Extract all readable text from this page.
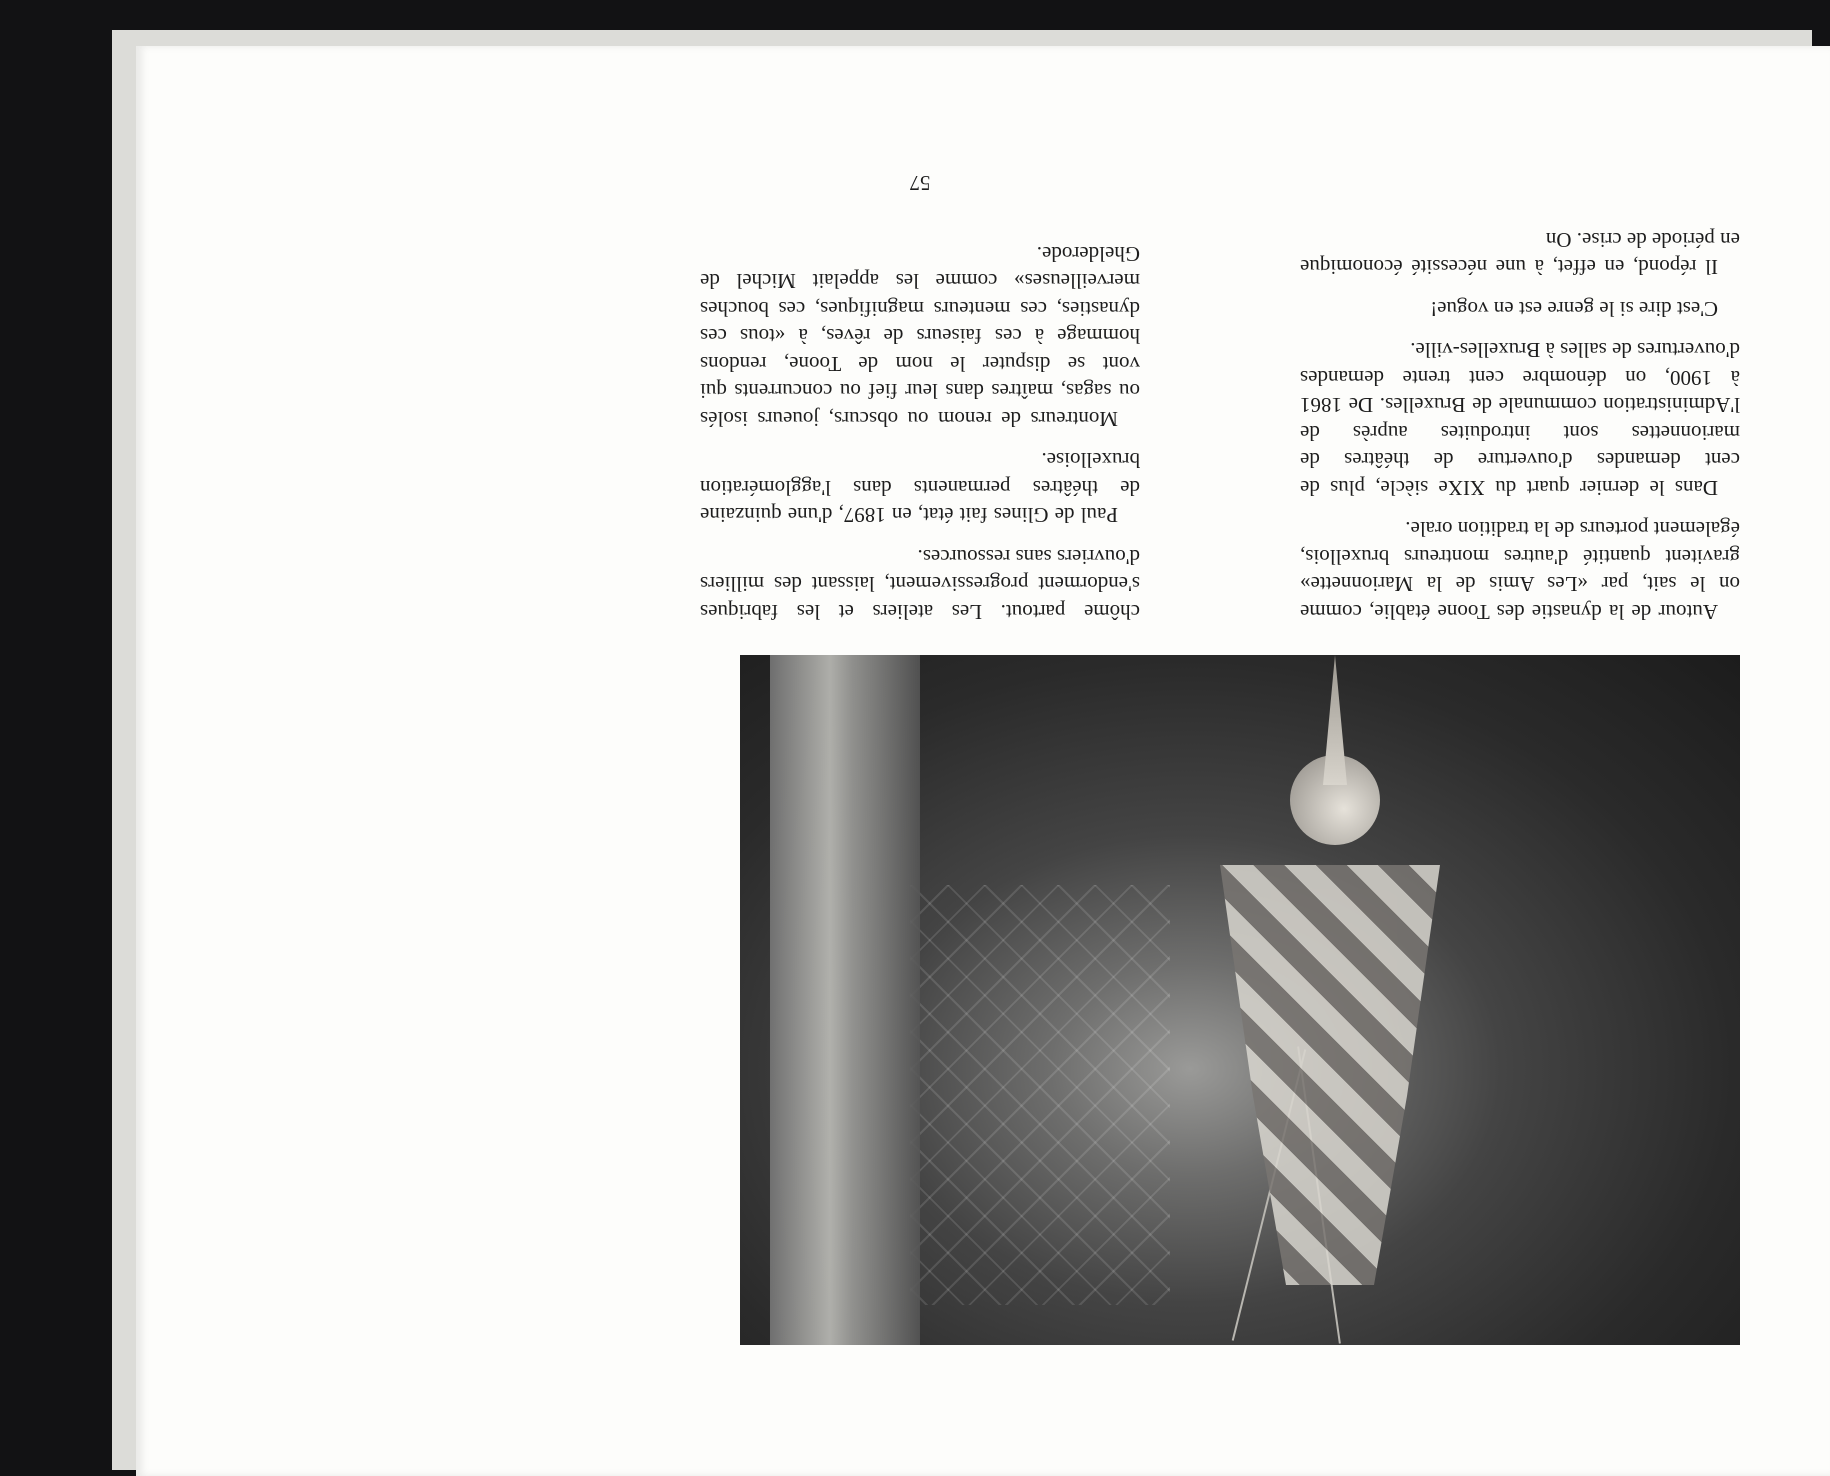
Autour de la dynastie des Toone établie, comme on le sait, par «Les Amis de la Marionnette» gravitent quantité d'autres montreurs bruxellois, également porteurs de la tradition orale.

Dans le dernier quart du XIXe siècle, plus de cent demandes d'ouverture de théâtres de marionnettes sont introduites auprès de l'Administration communale de Bruxelles. De 1861 à 1900, on dénombre cent trente demandes d'ouvertures de salles à Bruxelles-ville.

C'est dire si le genre est en vogue!

Il répond, en effet, à une nécessité économique en période de crise. On

chôme partout. Les ateliers et les fabriques s'endorment progressivement, laissant des milliers d'ouvriers sans ressources.

Paul de Glines fait état, en 1897, d'une quinzaine de théâtres permanents dans l'agglomération bruxelloise.

Montreurs de renom ou obscurs, joueurs isolés ou sagas, maîtres dans leur fief ou concurrents qui vont se disputer le nom de Toone, rendons hommage à ces faiseurs de rêves, à «tous ces dynasties, ces menteurs magnifiques, ces bouches merveilleuses» comme les appelait Michel de Ghelderode.

57
